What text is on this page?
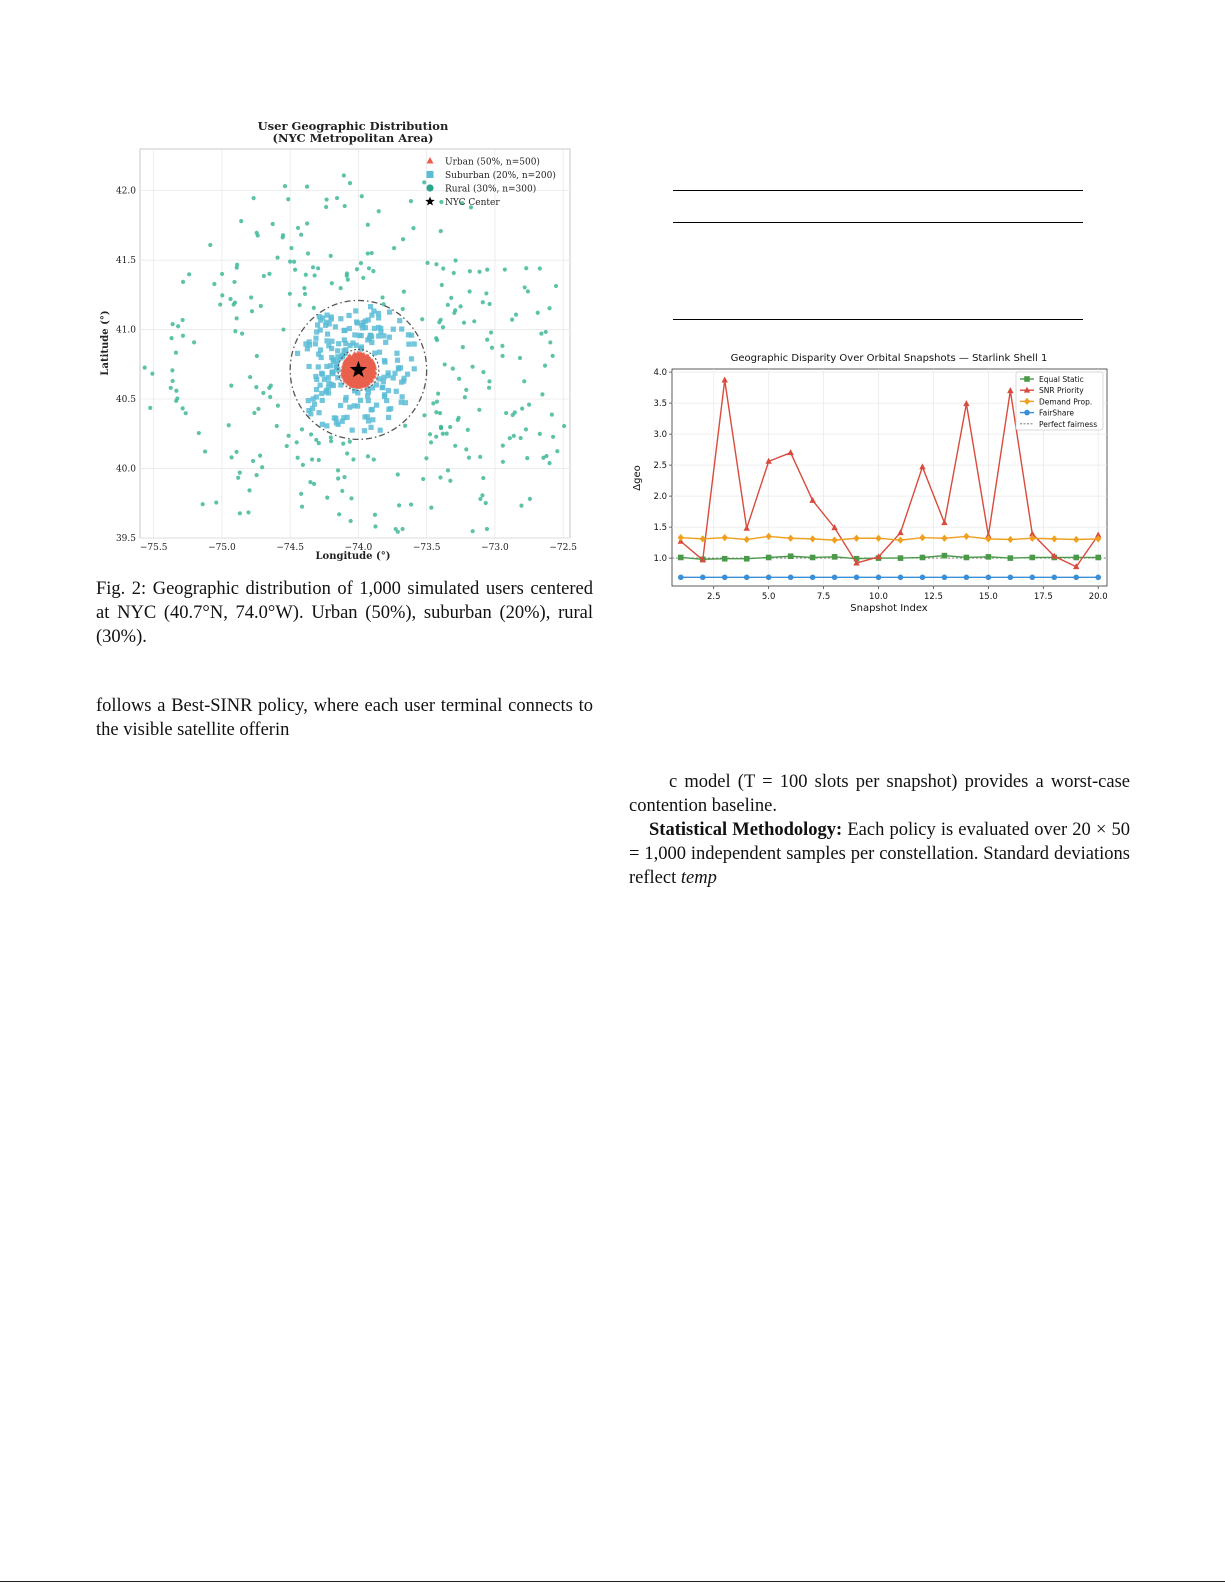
User Geographic Distribution
(NYC Metropolitan Area)
−75.5	−75.0	−74.5	−74.0	−73.5	−73.0	−72.5
39.5
40.0
40.5
41.0
41.5
42.0
Longitude (°)
Latitude (°)
Urban (50%, n=500)
Suburban (20%, n=200)
Rural (30%, n=300)
NYC Center
Fig. 2: Geographic distribution of 1,000 simulated users centered at NYC (40.7°N, 74.0°W). Urban (50%), suburban (20%), rural (30%).

follows a Best-SINR policy, where each user terminal connects to the visible satellite offerin

Geographic Disparity Over Orbital Snapshots — Starlink Shell 1
2.5	5.0	7.5	10.0	12.5	15.0	17.5	20.0
1.0
1.5
2.0
2.5
3.0
3.5
4.0
Snapshot Index
Δgeo
Equal Static
SNR Priority
Demand Prop.
FairShare
Perfect fairness

c model (T = 100 slots per snapshot) provides a worst-case contention baseline.

Statistical Methodology: Each policy is evaluated over 20 × 50 = 1,000 independent samples per constellation. Standard deviations reflect temp
